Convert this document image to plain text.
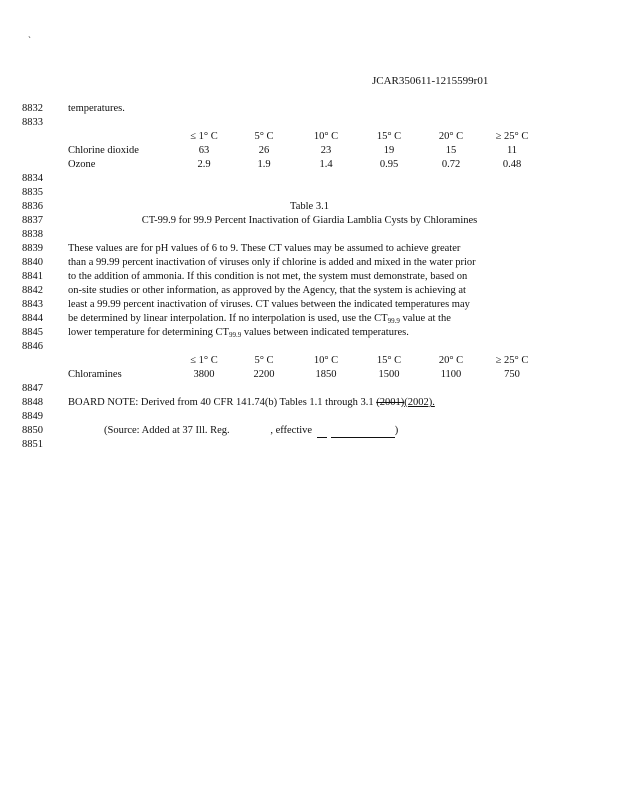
`
JCAR350611-1215599r01
8832
8833
8834
8835
8836
8837
8838
8839
8840
8841
8842
8843
8844
8845
8846
8847
8848
8849
8850
8851
temperatures.
≤ 1° C	5° C	10° C	15° C	20° C	≥ 25° C
Chlorine dioxide	63	26	23	19	15	11
Ozone	2.9	1.9	1.4	0.95	0.72	0.48
Table 3.1
CT-99.9 for 99.9 Percent Inactivation of Giardia Lamblia Cysts by Chloramines
These values are for pH values of 6 to 9. These CT values may be assumed to achieve greater
than a 99.99 percent inactivation of viruses only if chlorine is added and mixed in the water prior
to the addition of ammonia. If this condition is not met, the system must demonstrate, based on
on-site studies or other information, as approved by the Agency, that the system is achieving at
least a 99.99 percent inactivation of viruses. CT values between the indicated temperatures may
be determined by linear interpolation. If no interpolation is used, use the $CT_{99.9}$ value at the
lower temperature for determining $CT_{99.9}$ values between indicated temperatures.
≤ 1° C	5° C	10° C	15° C	20° C	≥ 25° C
Chloramines	3800	2200	1850	1500	1100	750
BOARD NOTE: Derived from 40 CFR 141.74(b) Tables 1.1 through 3.1 (2001)(2002).
(Source: Added at 37 Ill. Reg.	, effective	)
